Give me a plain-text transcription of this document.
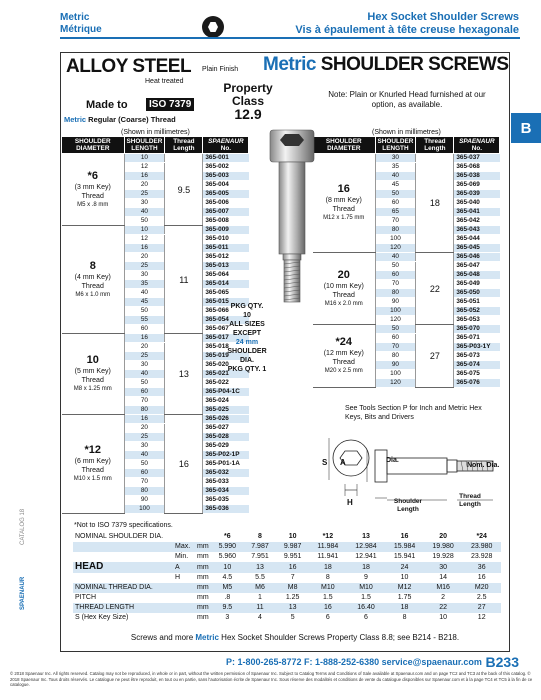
Metric
Métrique
Hex Socket Shoulder Screws
Vis à épaulement à tête creuse hexagonale
B
CATALOG 18
SPAENAUR
ALLOY STEEL Plain Finish
Heat treated
Metric SHOULDER SCREWS
Made to	ISO 7379
Metric Regular (Coarse) Thread
Property
Class
12.9
Note: Plain or Knurled Head furnished at our option, as available.
(Shown in millimetres)			
SHOULDER DIAMETER	SHOULDER LENGTH	Thread Length	SPAENAUR
No.

*6
(3 mm Key)
Thread
M5 x .8 mm	10	9.5	365-001
	12		365-002
	16		365-003
	20		365-004
	25		365-005
	30		365-006
	40		365-007
	50		365-008

8
(4 mm Key)
Thread
M6 x 1.0 mm	10	11	365-009
	12		365-010
	16		365-011
	20		365-012
	25		365-013
	30		365-064
	35		365-014
	40		365-065
	45		365-015
	50		365-066
	55		365-054
	60		365-067

10
(5 mm Key)
Thread
M8 x 1.25 mm	16	13	365-017
	20		365-018
	25		365-019
	30		365-020
	40		365-021
	50		365-022
	60		365-P04-1C
	70		365-024
	80		365-025

*12
(6 mm Key)
Thread
M10 x 1.5 mm	16	16	365-026
	20		365-027
	25		365-028
	30		365-029
	40		365-P02-1P
	50		365-P01-1A
	60		365-032
	70		365-033
	80		365-034
	90		365-035
	100		365-036
(Shown in millimetres)			
SHOULDER DIAMETER	SHOULDER LENGTH	Thread Length	SPAENAUR
No.

16
(8 mm Key)
Thread
M12 x 1.75 mm	30	18	365-037
	35		365-068
	40		365-038
	45		365-069
	50		365-039
	60		365-040
	65		365-041
	70		365-042
	80		365-043
	100		365-044
	120		365-045

20
(10 mm Key)
Thread
M16 x 2.0 mm	40	22	365-046
	50		365-047
	60		365-048
	70		365-049
	80		365-050
	90		365-051
	100		365-052
	120		365-053

*24
(12 mm Key)
Thread
M20 x 2.5 mm	50	27	365-070
	60		365-071
	70		365-P03-1Y
	80		365-073
	90		365-074
	100		365-075
	120		365-076
PKG QTY.
10
ALL SIZES
EXCEPT
24 mm
SHOULDER
DIA.
PKG QTY. 1
See Tools Section P for Inch and Metric Hex Keys, Bits and Drivers
S A
H
Dia.
Nom. Dia.
Shoulder Length
Thread Length
*Not to ISO 7379 specifications.
NOMINAL SHOULDER DIA.			*6	8	10	*12	13	16	20	*24
	Max.	mm	5.990	7.987	9.987	11.984	12.984	15.984	19.980	23.980
	Min.	mm	5.960	7.951	9.951	11.941	12.941	15.941	19.928	23.928
HEAD	A	mm	10	13	16	18	18	24	30	36
	H	mm	4.5	5.5	7	8	9	10	14	16
NOMINAL THREAD DIA.		mm	M5	M6	M8	M10	M10	M12	M16	M20
PITCH		mm	.8	1	1.25	1.5	1.5	1.75	2	2.5
THREAD LENGTH		mm	9.5	11	13	16	16.40	18	22	27
S (Hex Key Size)		mm	3	4	5	6	6	8	10	12
Screws and more Metric Hex Socket Shoulder Screws Property Class 8.8; see B214 - B218.
P: 1-800-265-8772 F: 1-888-252-6380 service@spaenaur.com B233
© 2018 Spaenaur Inc. All rights reserved. Catalog may not be reproduced, in whole or in part, without the written permission of Spaenaur Inc. Subject to Catalog Terms and Conditions of Sale available at Spaenaur.com and on page TC2 and TC3 at the back of this catalog. © 2018 Spaenaur Inc. Tous droits réservés. Le catalogue ne peut être reproduit, en tout ou en partie, sans l'autorisation écrite de Spaenaur Inc. Sous réserve des modalités et conditions de vente du catalogue disponibles sur Spaenaur.com et à la page TC4 et TC5 à la fin de ce catalogue.
